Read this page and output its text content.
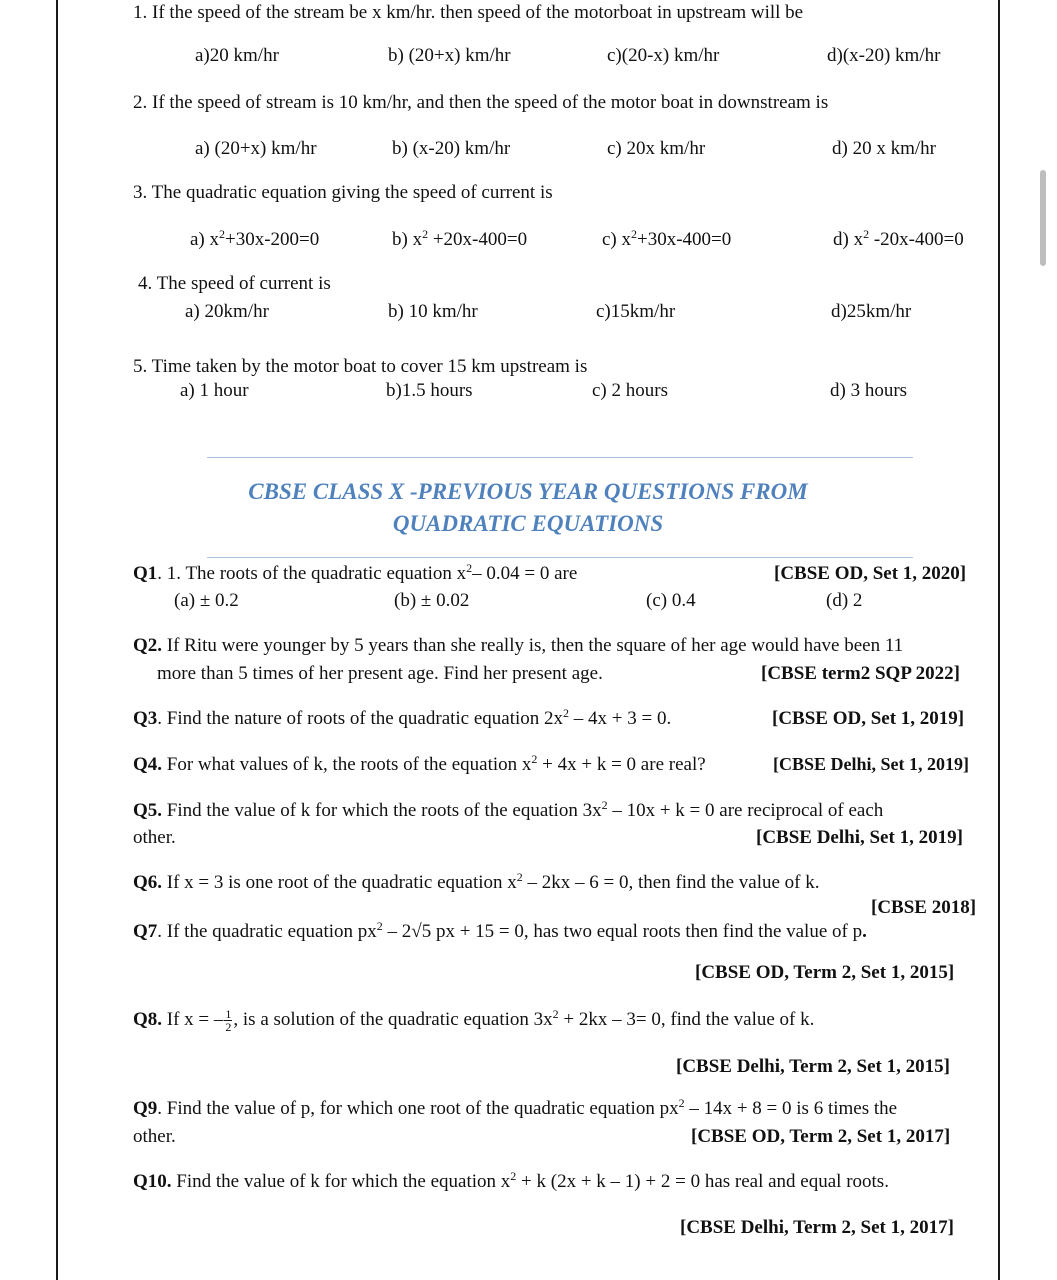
1. If the speed of the stream be x km/hr. then speed of the motorboat in upstream will be
a)20 km/hr	b) (20+x) km/hr	c)(20-x) km/hr	d)(x-20) km/hr
2. If the speed of stream is 10 km/hr, and then the speed of the motor boat in downstream is
a) (20+x) km/hr	b) (x-20) km/hr	c) 20x km/hr	d) 20 x km/hr
3. The quadratic equation giving the speed of current is
a) $x^2+30x-200=0$	b) $x^2 +20x-400=0$	c) $x^2+30x-400=0$	d) $x^2$ -20x-400=0
4. The speed of current is
a) 20km/hr	b) 10 km/hr	c)15km/hr	d)25km/hr
5. Time taken by the motor boat to cover 15 km upstream is
a) 1 hour	b)1.5 hours	c) 2 hours	d) 3 hours
CBSE CLASS X -PREVIOUS YEAR QUESTIONS FROM
QUADRATIC EQUATIONS
Q1. 1. The roots of the quadratic equation $x^2-$ 0.04 = 0 are	[CBSE OD, Set 1, 2020]
(a) ± 0.2	(b) ± 0.02	(c) 0.4	(d) 2
Q2. If Ritu were younger by 5 years than she really is, then the square of her age would have been 11
more than 5 times of her present age. Find her present age.	[CBSE term2 SQP 2022]
Q3. Find the nature of roots of the quadratic equation $2x^2 - 4x + 3 = 0$.	[CBSE OD, Set 1, 2019]
Q4. For what values of k, the roots of the equation $x^2 + 4x + k = 0$ are real?	[CBSE Delhi, Set 1, 2019]
Q5. Find the value of k for which the roots of the equation $3x^2 - 10x + k = 0$ are reciprocal of each
other.	[CBSE Delhi, Set 1, 2019]
Q6. If x = 3 is one root of the quadratic equation $x^2 - 2kx - 6 = 0$, then find the value of k.
[CBSE 2018]
Q7. If the quadratic equation $px^2 - 2√5$ px + 15 = 0, has two equal roots then find the value of p.
[CBSE OD, Term 2, Set 1, 2015]
Q8. If x = – $\frac{1}{2}$ , is a solution of the quadratic equation $3x^2 + 2kx - 3= 0$, find the value of k.
[CBSE Delhi, Term 2, Set 1, 2015]
Q9. Find the value of p, for which one root of the quadratic equation $px^2 - 14x + 8 = 0$ is 6 times the
other.	[CBSE OD, Term 2, Set 1, 2017]
Q10. Find the value of k for which the equation $x^2 + k$ (2x + k – 1) + 2 = 0 has real and equal roots.
[CBSE Delhi, Term 2, Set 1, 2017]
